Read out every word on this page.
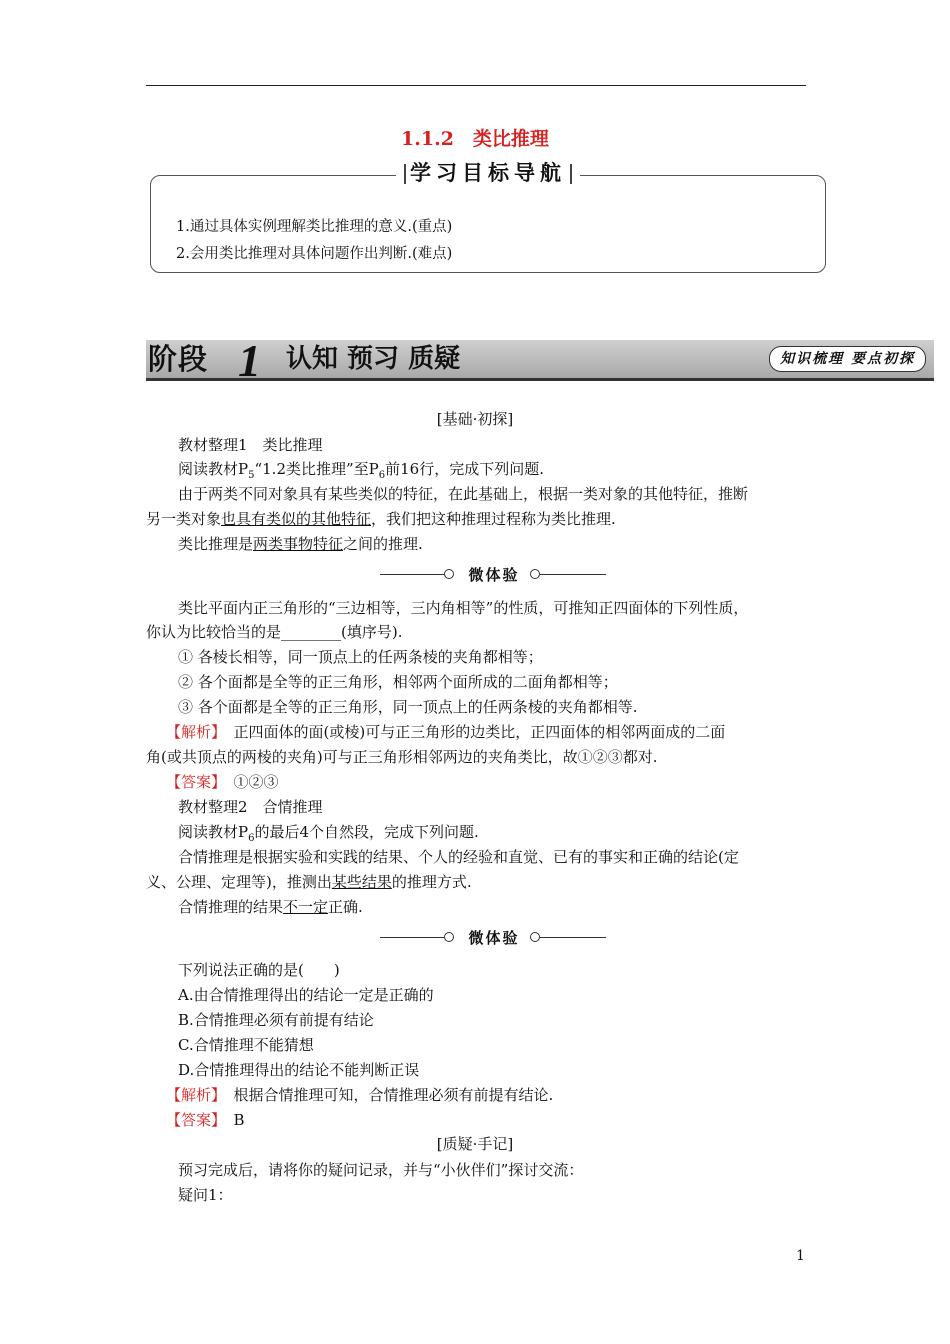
1.1.2　类比推理
学习目标导航
1.通过具体实例理解类比推理的意义.(重点)
2.会用类比推理对具体问题作出判断.(难点)
阶段 1 认知 预习 质疑	知识梳理 要点初探
[基础·初探]
教材整理1　类比推理
阅读教材$P_5“1.2$类比推理”至$P_6$前16行，完成下列问题.
由于两类不同对象具有某些类似的特征，在此基础上，根据一类对象的其他特征，推断
另一类对象也具有类似的其他特征，我们把这种推理过程称为类比推理.
类比推理是两类事物特征之间的推理.
微体验
类比平面内正三角形的“三边相等，三内角相等”的性质，可推知正四面体的下列性质，
你认为比较恰当的是________(填序号).
① 各棱长相等，同一顶点上的任两条棱的夹角都相等；
② 各个面都是全等的正三角形，相邻两个面所成的二面角都相等；
③ 各个面都是全等的正三角形，同一顶点上的任两条棱的夹角都相等.
【解析】　 正四面体的面(或棱)可与正三角形的边类比，正四面体的相邻两面成的二面
角(或共顶点的两棱的夹角)可与正三角形相邻两边的夹角类比，故①②③都对.
【答案】　 ①②③
教材整理2　合情推理
阅读教材$P_6$的最后4个自然段，完成下列问题.
合情推理是根据实验和实践的结果、个人的经验和直觉、已有的事实和正确的结论(定
义、公理、定理等)，推测出某些结果的推理方式.
合情推理的结果不一定正确.
微体验
下列说法正确的是(　　)
A.由合情推理得出的结论一定是正确的
B.合情推理必须有前提有结论
C.合情推理不能猜想
D.合情推理得出的结论不能判断正误
【解析】　 根据合情推理可知，合情推理必须有前提有结论.
【答案】　 B
[质疑·手记]
预习完成后，请将你的疑问记录，并与“小伙伴们”探讨交流：
疑问1：
1
